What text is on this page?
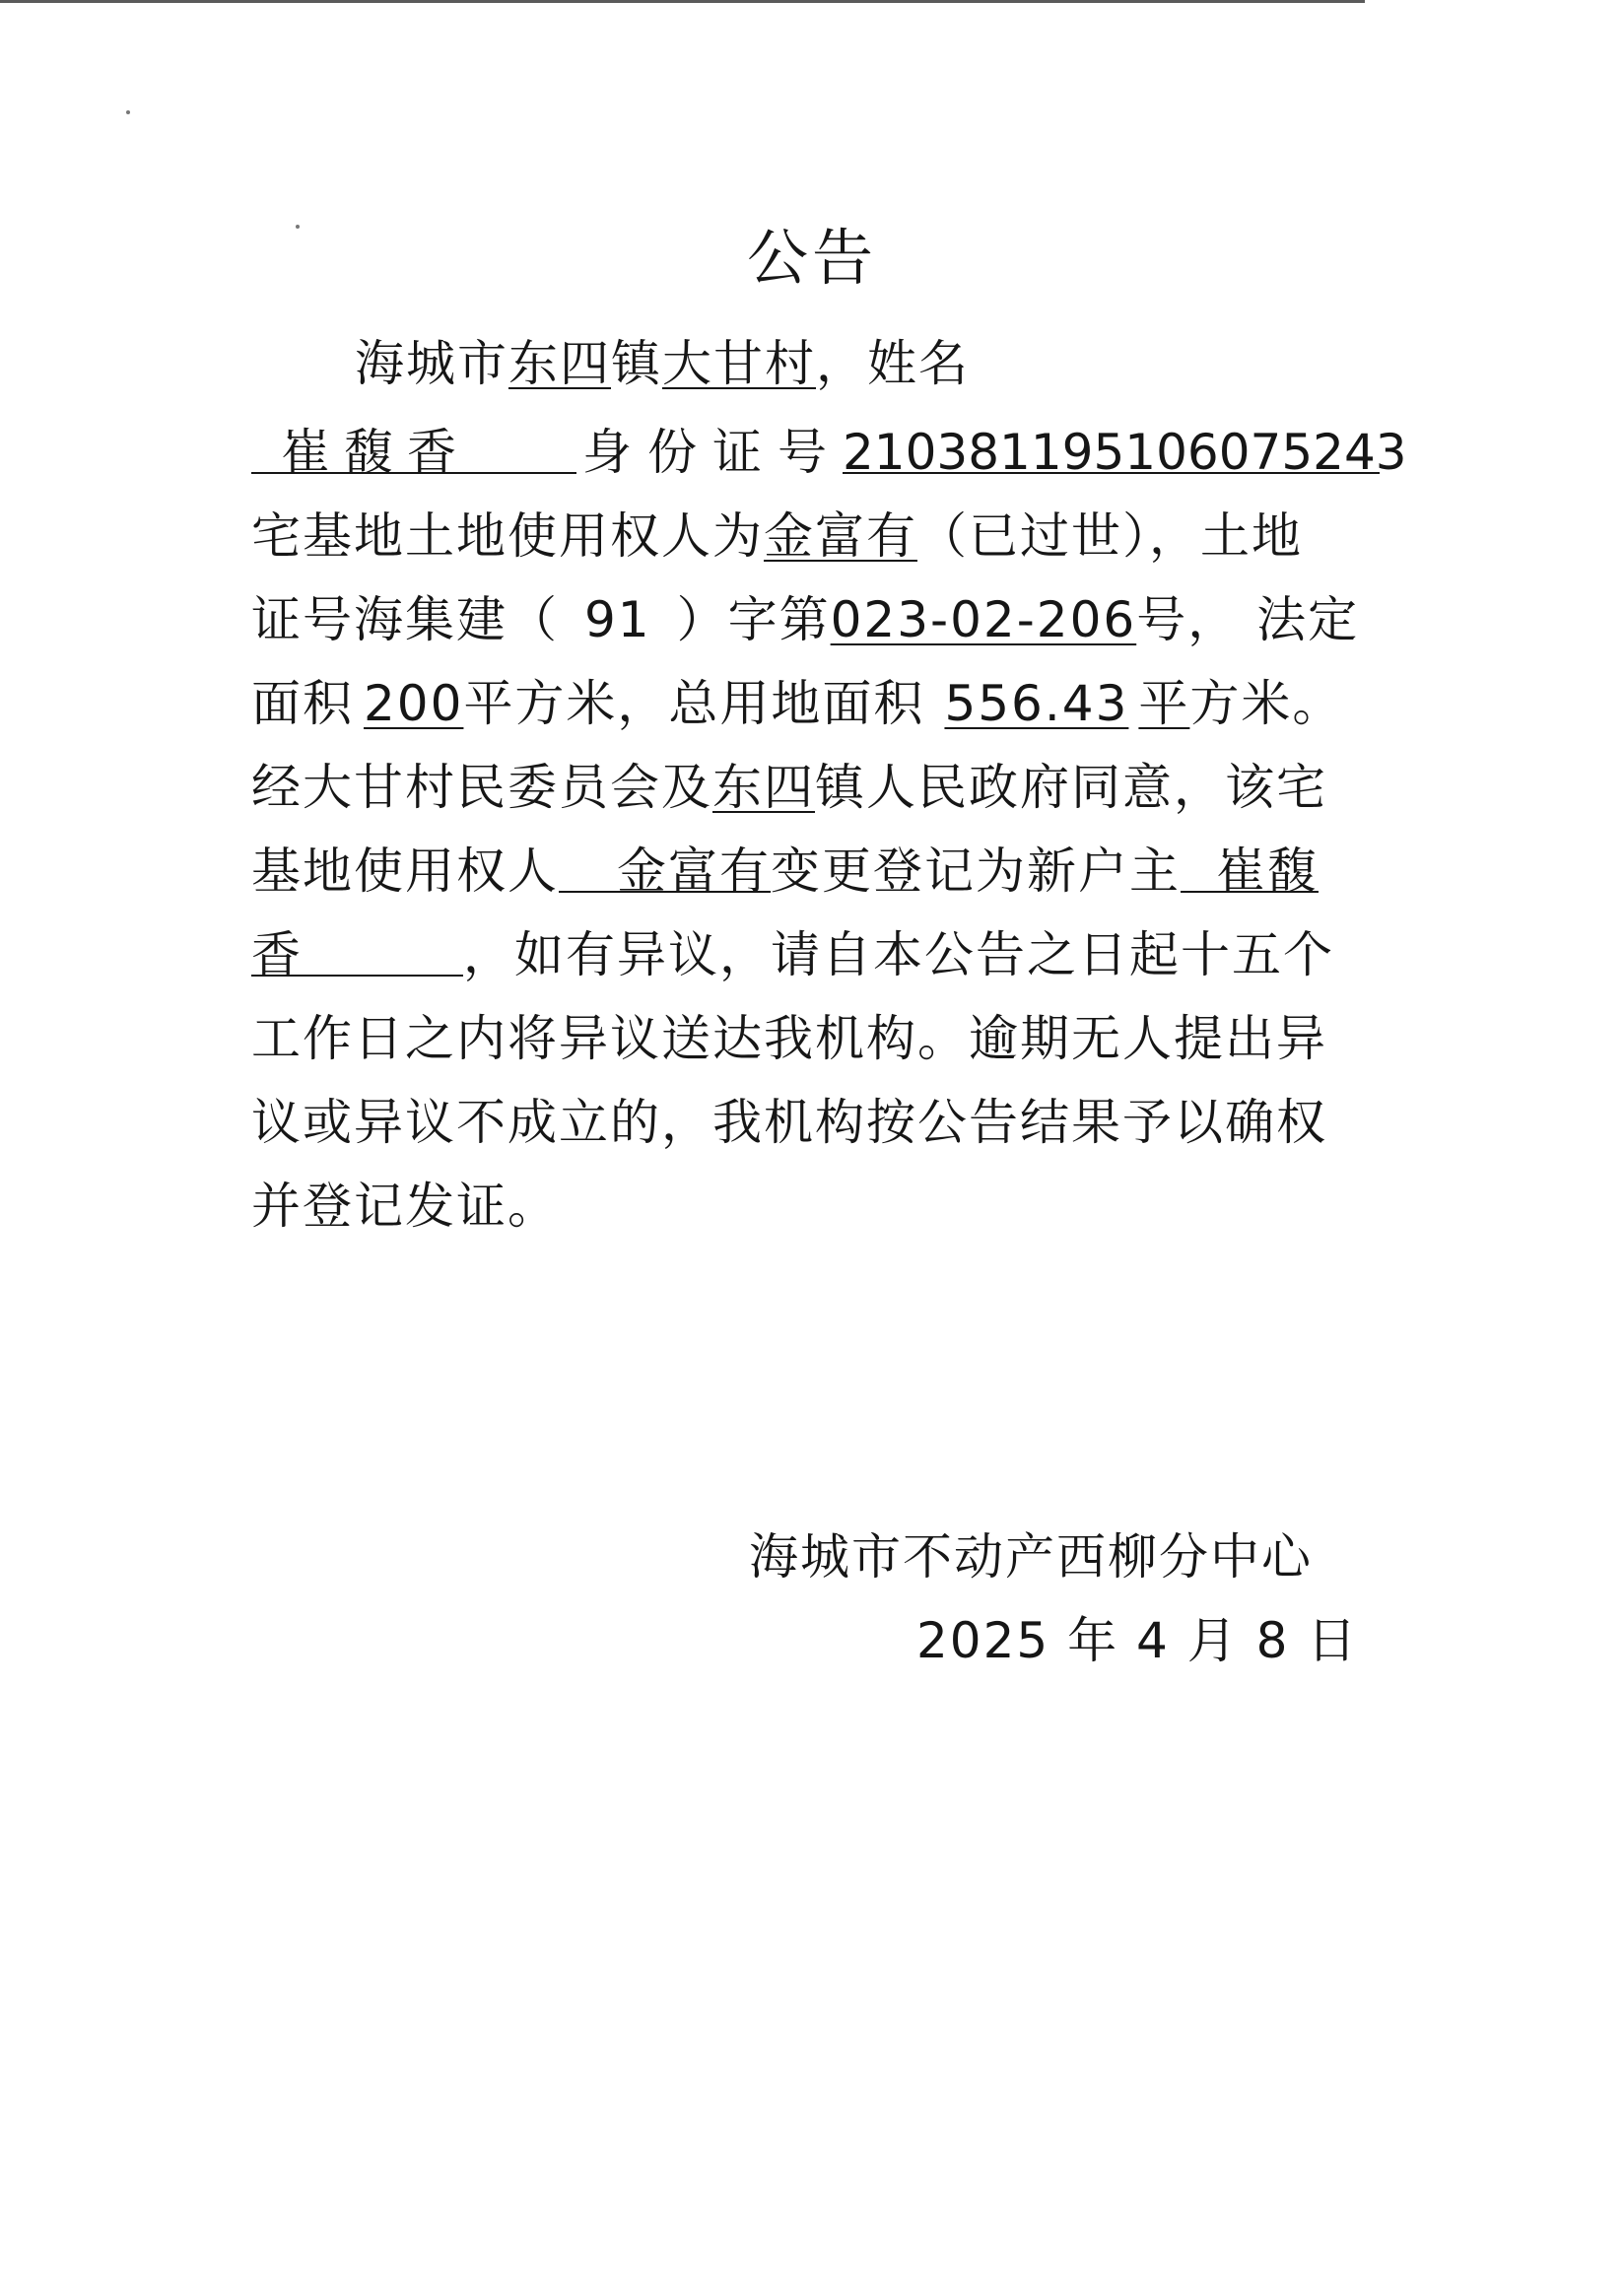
公告
海城市东四镇大甘村，姓名
崔馥香 身份证号210381195106075243
宅基地土地使用权人为金富有（已过世），土地
证号海集建（ 91 ）字第023-02-206号， 法定
面积 200平方米，总用地面积 556.43 平方米。
经大甘村民委员会及东四镇人民政府同意，该宅
基地使用权人 金富有变更登记为新户主 崔馥
香	，如有异议，请自本公告之日起十五个
工作日之内将异议送达我机构。逾期无人提出异
议或异议不成立的，我机构按公告结果予以确权
并登记发证。
海城市不动产西柳分中心
2025 年 4 月 8 日
